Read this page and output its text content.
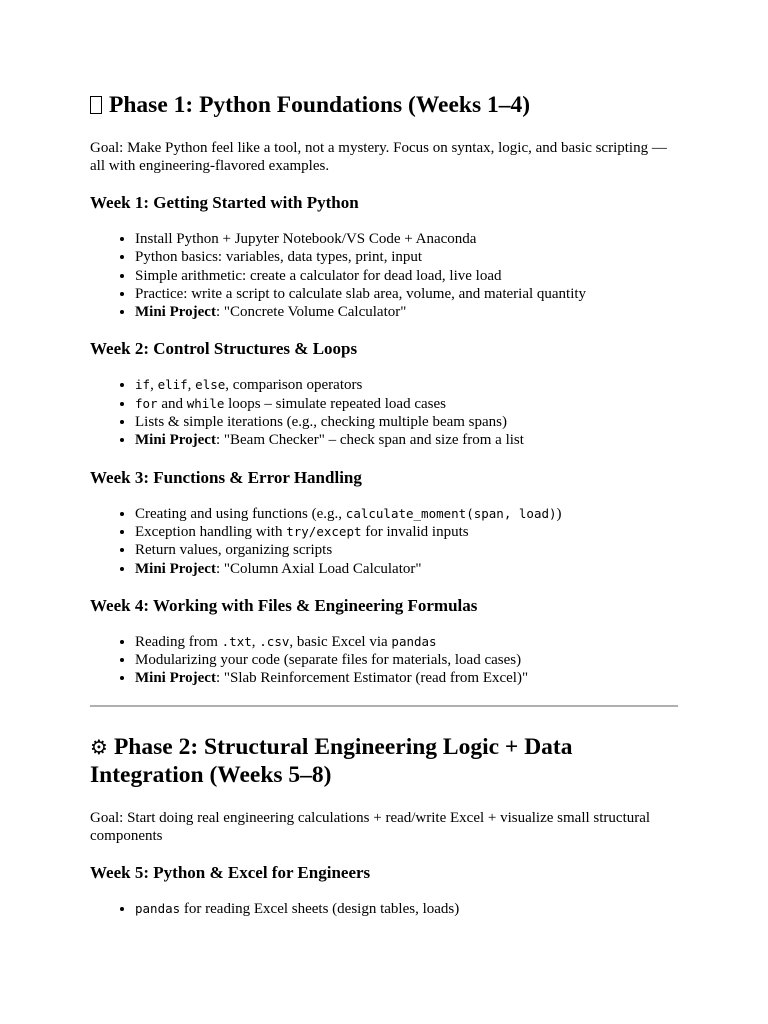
Phase 1: Python Foundations (Weeks 1–4)

Goal: Make Python feel like a tool, not a mystery. Focus on syntax, logic, and basic scripting — all with engineering-flavored examples.

Week 1: Getting Started with Python
• Install Python + Jupyter Notebook/VS Code + Anaconda
• Python basics: variables, data types, print, input
• Simple arithmetic: create a calculator for dead load, live load
• Practice: write a script to calculate slab area, volume, and material quantity
• Mini Project: "Concrete Volume Calculator"
Week 2: Control Structures & Loops
• if, elif, else, comparison operators
• for and while loops – simulate repeated load cases
• Lists & simple iterations (e.g., checking multiple beam spans)
• Mini Project: "Beam Checker" – check span and size from a list
Week 3: Functions & Error Handling
• Creating and using functions (e.g., calculate_moment(span, load))
• Exception handling with try/except for invalid inputs
• Return values, organizing scripts
• Mini Project: "Column Axial Load Calculator"
Week 4: Working with Files & Engineering Formulas
• Reading from .txt, .csv, basic Excel via pandas
• Modularizing your code (separate files for materials, load cases)
• Mini Project: "Slab Reinforcement Estimator (read from Excel)"
⚙ Phase 2: Structural Engineering Logic + Data Integration (Weeks 5–8)

Goal: Start doing real engineering calculations + read/write Excel + visualize small structural components

Week 5: Python & Excel for Engineers
• pandas for reading Excel sheets (design tables, loads)
